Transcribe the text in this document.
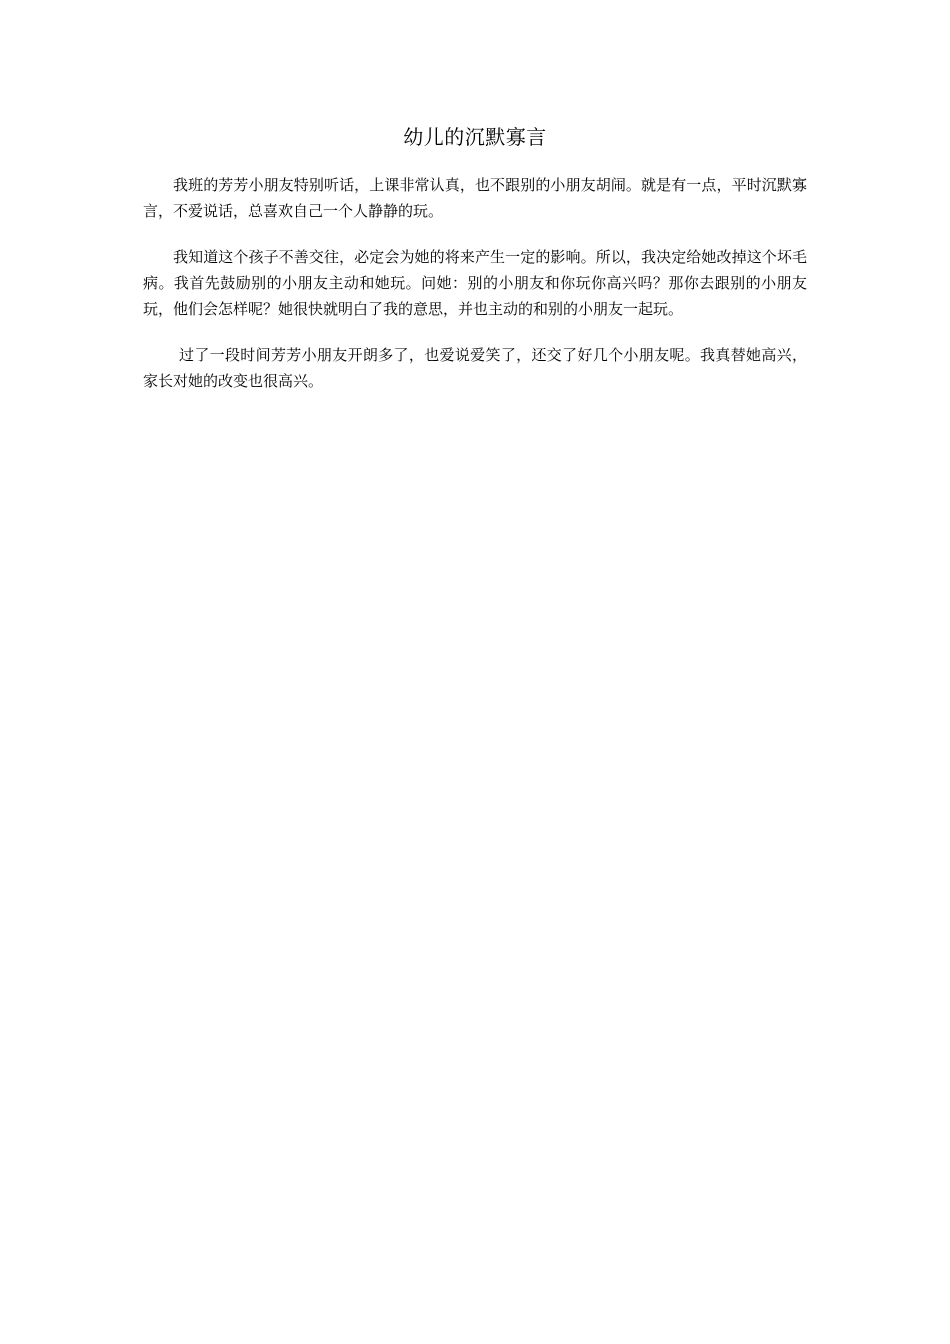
幼儿的沉默寡言

我班的芳芳小朋友特别听话，上课非常认真，也不跟别的小朋友胡闹。就是有一点，平时沉默寡言，不爱说话，总喜欢自己一个人静静的玩。

我知道这个孩子不善交往，必定会为她的将来产生一定的影响。所以，我决定给她改掉这个坏毛病。我首先鼓励别的小朋友主动和她玩。问她：别的小朋友和你玩你高兴吗？那你去跟别的小朋友玩，他们会怎样呢？她很快就明白了我的意思，并也主动的和别的小朋友一起玩。

过了一段时间芳芳小朋友开朗多了，也爱说爱笑了，还交了好几个小朋友呢。我真替她高兴，家长对她的改变也很高兴。
